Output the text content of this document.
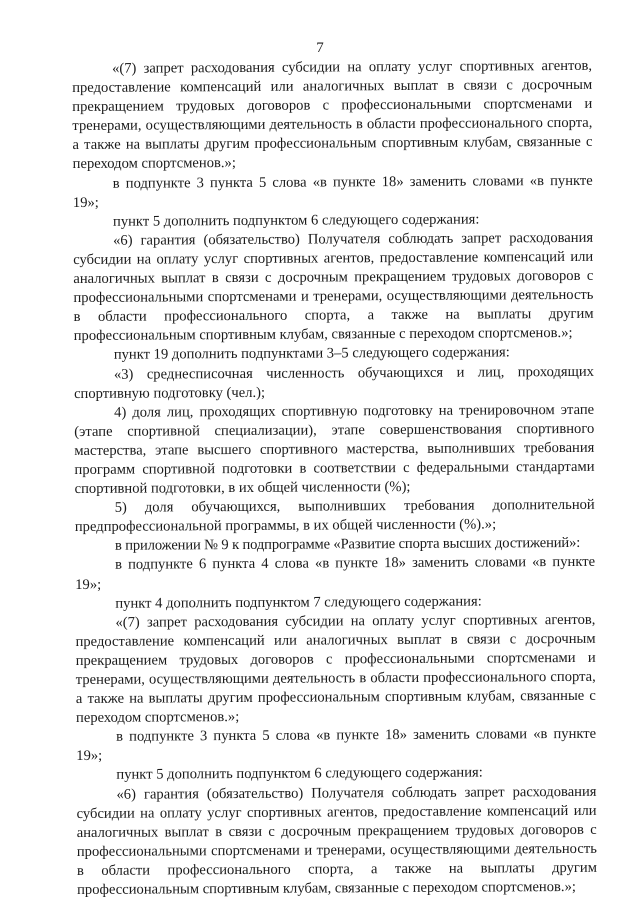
7

«(7) запрет расходования субсидии на оплату услуг спортивных агентов, предоставление компенсаций или аналогичных выплат в связи с досрочным прекращением трудовых договоров с профессиональными спортсменами и тренерами, осуществляющими деятельность в области профессионального спорта, а также на выплаты другим профессиональным спортивным клубам, связанные с переходом спортсменов.»;

в подпункте 3 пункта 5 слова «в пункте 18» заменить словами «в пункте 19»;

пункт 5 дополнить подпунктом 6 следующего содержания:

«6) гарантия (обязательство) Получателя соблюдать запрет расходования субсидии на оплату услуг спортивных агентов, предоставление компенсаций или аналогичных выплат в связи с досрочным прекращением трудовых договоров с профессиональными спортсменами и тренерами, осуществляющими деятельность в области профессионального спорта, а также на выплаты другим профессиональным спортивным клубам, связанные с переходом спортсменов.»;

пункт 19 дополнить подпунктами 3–5 следующего содержания:

«3) среднесписочная численность обучающихся и лиц, проходящих спортивную подготовку (чел.);

4) доля лиц, проходящих спортивную подготовку на тренировочном этапе (этапе спортивной специализации), этапе совершенствования спортивного мастерства, этапе высшего спортивного мастерства, выполнивших требования программ спортивной подготовки в соответствии с федеральными стандартами спортивной подготовки, в их общей численности (%);

5) доля обучающихся, выполнивших требования дополнительной предпрофессиональной программы, в их общей численности (%).»;

в приложении № 9 к подпрограмме «Развитие спорта высших достижений»:

в подпункте 6 пункта 4 слова «в пункте 18» заменить словами «в пункте 19»;

пункт 4 дополнить подпунктом 7 следующего содержания:

«(7) запрет расходования субсидии на оплату услуг спортивных агентов, предоставление компенсаций или аналогичных выплат в связи с досрочным прекращением трудовых договоров с профессиональными спортсменами и тренерами, осуществляющими деятельность в области профессионального спорта, а также на выплаты другим профессиональным спортивным клубам, связанные с переходом спортсменов.»;

в подпункте 3 пункта 5 слова «в пункте 18» заменить словами «в пункте 19»;

пункт 5 дополнить подпунктом 6 следующего содержания:

«6) гарантия (обязательство) Получателя соблюдать запрет расходования субсидии на оплату услуг спортивных агентов, предоставление компенсаций или аналогичных выплат в связи с досрочным прекращением трудовых договоров с профессиональными спортсменами и тренерами, осуществляющими деятельность в области профессионального спорта, а также на выплаты другим профессиональным спортивным клубам, связанные с переходом спортсменов.»;
